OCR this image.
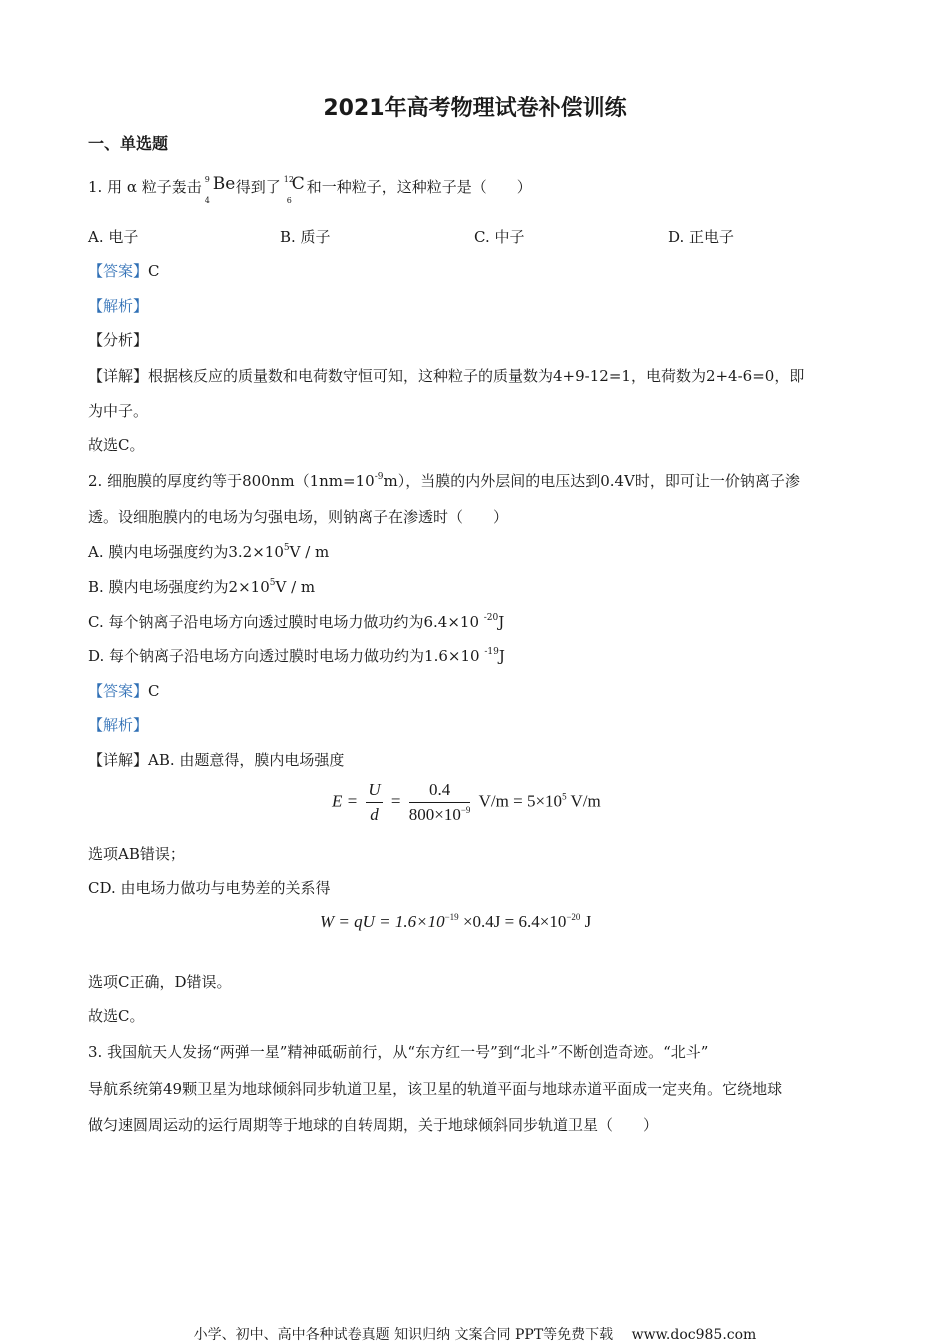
2021年高考物理试卷补偿训练
一、单选题
1. 用 α 粒子轰击 9
4
Be 得到了 12
6
C 和一种粒子，这种粒子是（　　）
A. 电子	B. 质子	C. 中子	D. 正电子
【答案】C
【解析】
【分析】
【详解】根据核反应的质量数和电荷数守恒可知，这种粒子的质量数为4+9-12=1，电荷数为2+4-6=0，即
为中子。
故选C。
2. 细胞膜的厚度约等于$800nm(1nm=10^{-9}m)$，当膜的内外层间的电压达到0.4V时，即可让一价钠离子渗
透。设细胞膜内的电场为匀强电场，则钠离子在渗透时（　　）
A. 膜内电场强度约为$3.2\times 10^5V / m$
B. 膜内电场强度约为$2\times 10^5V / m$
C. 每个钠离子沿电场方向透过膜时电场力做功约为6.4×10 $^{-20}$J
D. 每个钠离子沿电场方向透过膜时电场力做功约为1.6×10 $^{-19}$J
【答案】C
【解析】
【详解】AB. 由题意得，膜内电场强度
$E = \frac{U}{d} = \frac{0.4}{800\times 10^{-9}} V/m = 5\times 10^5$ V/m
选项AB错误；
CD. 由电场力做功与电势差的关系得
W = qU = $1.6\times 10^{-19} \times 0.4J = 6.4\times 10^{-20}$ J
选项C正确，D错误。
故选C。
3. 我国航天人发扬“两弹一星”精神砥砺前行，从“东方红一号”到“北斗”不断创造奇迹。“北斗”
导航系统第49颗卫星为地球倾斜同步轨道卫星，该卫星的轨道平面与地球赤道平面成一定夹角。它绕地球
做匀速圆周运动的运行周期等于地球的自转周期，关于地球倾斜同步轨道卫星（　　）
小学、初中、高中各种试卷真题 知识归纳 文案合同 PPT等免费下载　 www.doc985.com
